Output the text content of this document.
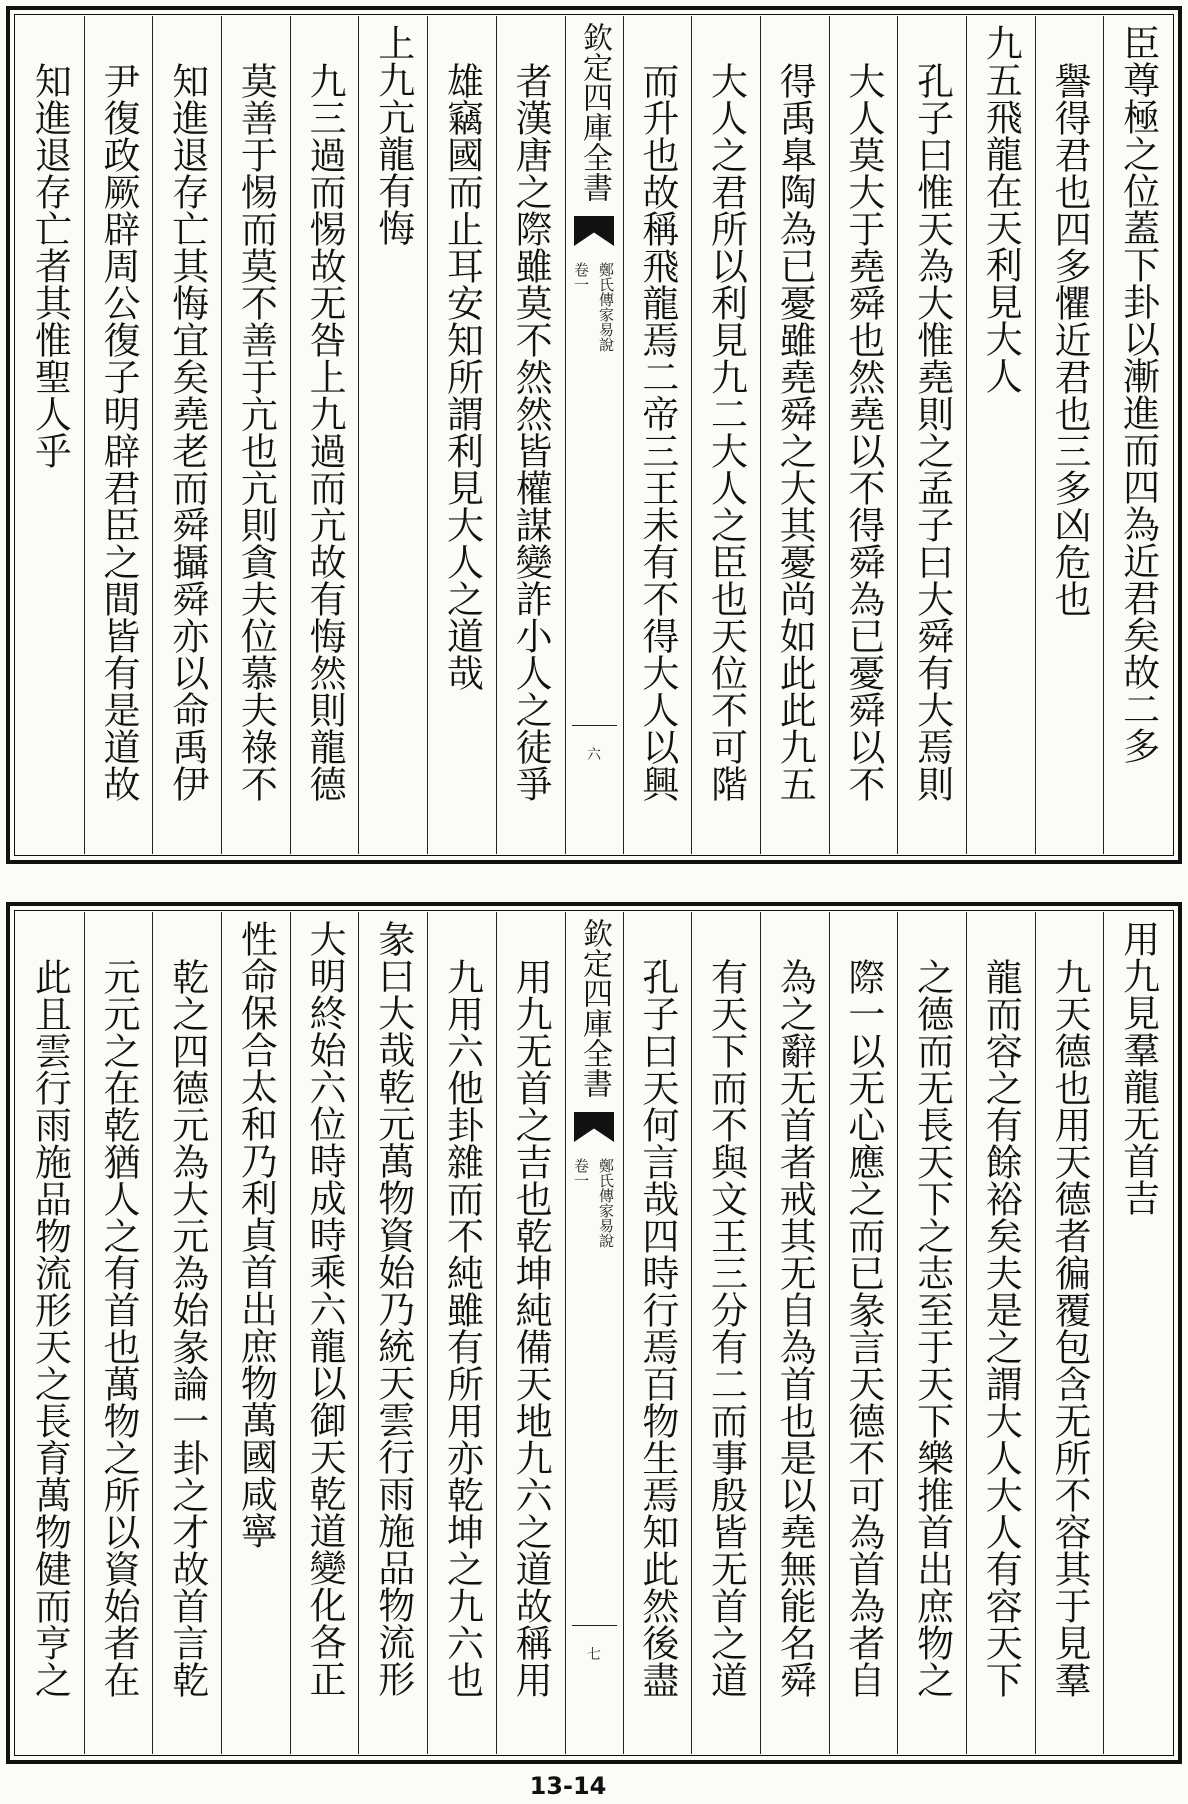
臣尊極之位蓋下卦以漸進而四為近君矣故二多
譽得君也四多懼近君也三多凶危也
九五飛龍在天利見大人
孔子曰惟天為大惟堯則之孟子曰大舜有大焉則
大人莫大于堯舜也然堯以不得舜為已憂舜以不
得禹臯陶為已憂雖堯舜之大其憂尚如此此九五
大人之君所以利見九二大人之臣也天位不可階
而升也故稱飛龍焉二帝三王未有不得大人以興
欽定四庫全書
鄭氏傳家易說
卷一
六
者漢唐之際雖莫不然然皆權謀變詐小人之徒爭
雄竊國而止耳安知所謂利見大人之道哉
上九亢龍有悔
九三過而惕故无咎上九過而亢故有悔然則龍德
莫善于惕而莫不善于亢也亢則貪夫位慕夫祿不
知進退存亡其悔宜矣堯老而舜攝舜亦以命禹伊
尹復政厥辟周公復子明辟君臣之間皆有是道故
知進退存亡者其惟聖人乎
用九見羣龍无首吉
九天德也用天德者徧覆包含无所不容其于見羣
龍而容之有餘裕矣夫是之謂大人大人有容天下
之德而无長天下之志至于天下樂推首出庶物之
際一以无心應之而已彖言天德不可為首為者自
為之辭无首者戒其无自為首也是以堯無能名舜
有天下而不與文王三分有二而事殷皆无首之道
孔子曰天何言哉四時行焉百物生焉知此然後盡
欽定四庫全書
鄭氏傳家易說
卷一
七
用九无首之吉也乾坤純備天地九六之道故稱用
九用六他卦雜而不純雖有所用亦乾坤之九六也
彖曰大哉乾元萬物資始乃統天雲行雨施品物流形
大明終始六位時成時乘六龍以御天乾道變化各正
性命保合太和乃利貞首出庶物萬國咸寧
乾之四德元為大元為始彖論一卦之才故首言乾
元元之在乾猶人之有首也萬物之所以資始者在
此且雲行雨施品物流形天之長育萬物健而亨之
13-14
